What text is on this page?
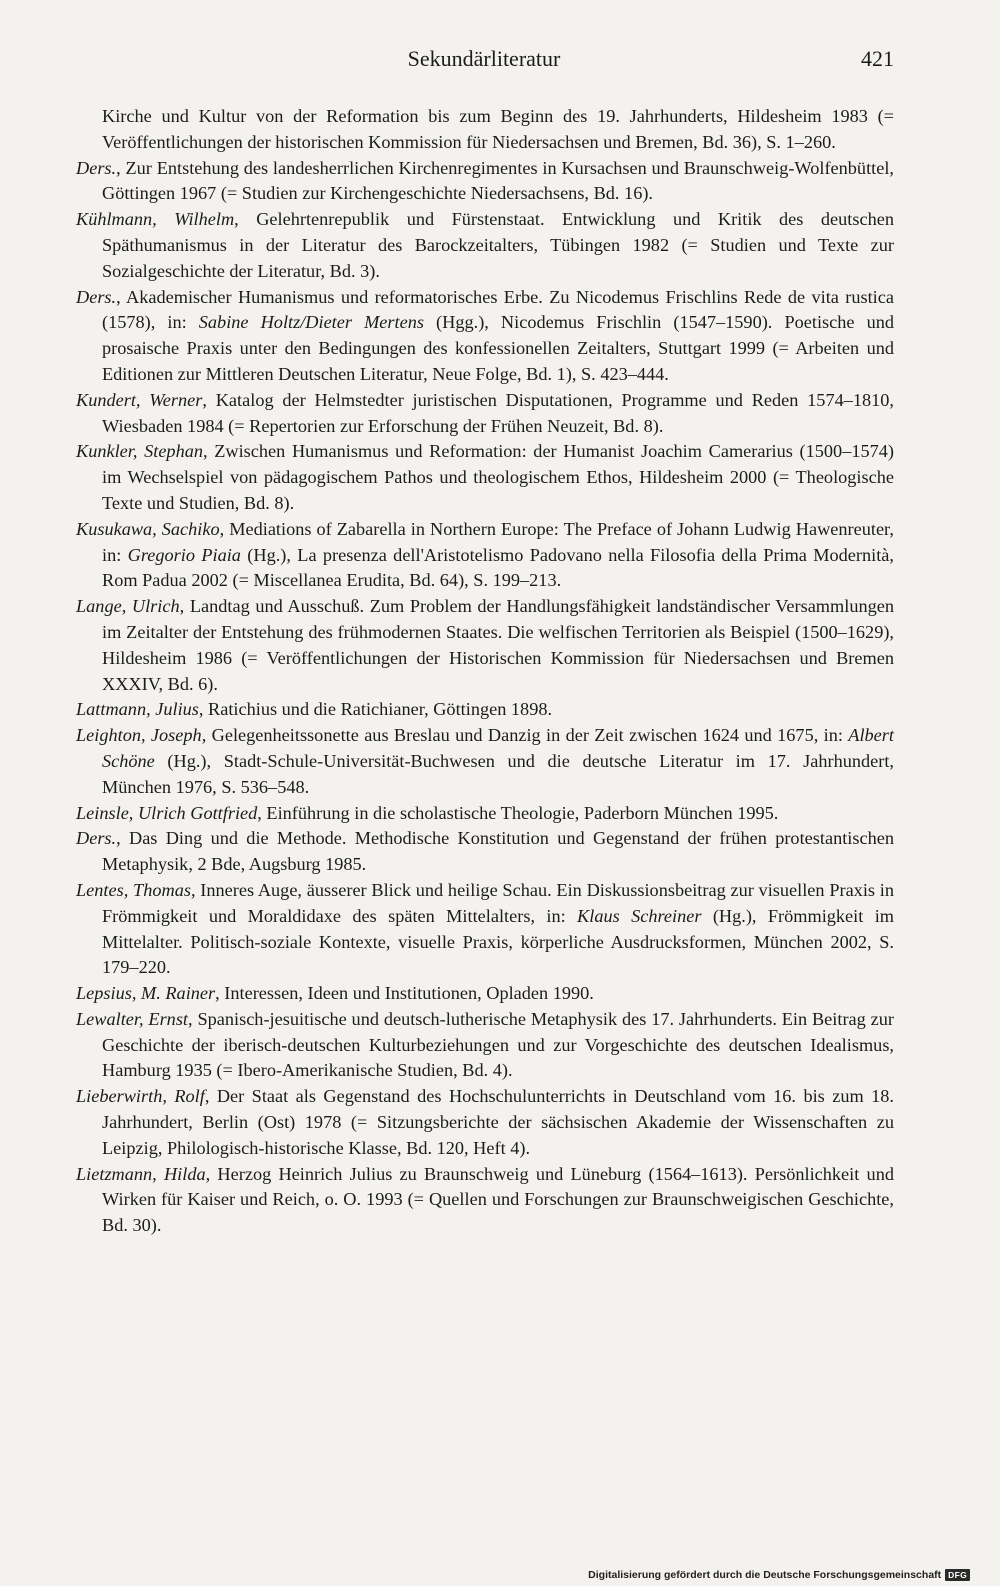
Sekundärliteratur	421

Kirche und Kultur von der Reformation bis zum Beginn des 19. Jahrhunderts, Hildesheim 1983 (= Veröffentlichungen der historischen Kommission für Niedersachsen und Bremen, Bd. 36), S. 1–260.

Ders., Zur Entstehung des landesherrlichen Kirchenregimentes in Kursachsen und Braunschweig-Wolfenbüttel, Göttingen 1967 (= Studien zur Kirchengeschichte Niedersachsens, Bd. 16).

Kühlmann, Wilhelm, Gelehrtenrepublik und Fürstenstaat. Entwicklung und Kritik des deutschen Späthumanismus in der Literatur des Barockzeitalters, Tübingen 1982 (= Studien und Texte zur Sozialgeschichte der Literatur, Bd. 3).

Ders., Akademischer Humanismus und reformatorisches Erbe. Zu Nicodemus Frischlins Rede de vita rustica (1578), in: Sabine Holtz/Dieter Mertens (Hgg.), Nicodemus Frischlin (1547–1590). Poetische und prosaische Praxis unter den Bedingungen des konfessionellen Zeitalters, Stuttgart 1999 (= Arbeiten und Editionen zur Mittleren Deutschen Literatur, Neue Folge, Bd. 1), S. 423–444.

Kundert, Werner, Katalog der Helmstedter juristischen Disputationen, Programme und Reden 1574–1810, Wiesbaden 1984 (= Repertorien zur Erforschung der Frühen Neuzeit, Bd. 8).

Kunkler, Stephan, Zwischen Humanismus und Reformation: der Humanist Joachim Camerarius (1500–1574) im Wechselspiel von pädagogischem Pathos und theologischem Ethos, Hildesheim 2000 (= Theologische Texte und Studien, Bd. 8).

Kusukawa, Sachiko, Mediations of Zabarella in Northern Europe: The Preface of Johann Ludwig Hawenreuter, in: Gregorio Piaia (Hg.), La presenza dell'Aristotelismo Padovano nella Filosofia della Prima Modernità, Rom Padua 2002 (= Miscellanea Erudita, Bd. 64), S. 199–213.

Lange, Ulrich, Landtag und Ausschuß. Zum Problem der Handlungsfähigkeit landständischer Versammlungen im Zeitalter der Entstehung des frühmodernen Staates. Die welfischen Territorien als Beispiel (1500–1629), Hildesheim 1986 (= Veröffentlichungen der Historischen Kommission für Niedersachsen und Bremen XXXIV, Bd. 6).

Lattmann, Julius, Ratichius und die Ratichianer, Göttingen 1898.

Leighton, Joseph, Gelegenheitssonette aus Breslau und Danzig in der Zeit zwischen 1624 und 1675, in: Albert Schöne (Hg.), Stadt-Schule-Universität-Buchwesen und die deutsche Literatur im 17. Jahrhundert, München 1976, S. 536–548.

Leinsle, Ulrich Gottfried, Einführung in die scholastische Theologie, Paderborn München 1995.

Ders., Das Ding und die Methode. Methodische Konstitution und Gegenstand der frühen protestantischen Metaphysik, 2 Bde, Augsburg 1985.

Lentes, Thomas, Inneres Auge, äusserer Blick und heilige Schau. Ein Diskussionsbeitrag zur visuellen Praxis in Frömmigkeit und Moraldidaxe des späten Mittelalters, in: Klaus Schreiner (Hg.), Frömmigkeit im Mittelalter. Politisch-soziale Kontexte, visuelle Praxis, körperliche Ausdrucksformen, München 2002, S. 179–220.

Lepsius, M. Rainer, Interessen, Ideen und Institutionen, Opladen 1990.

Lewalter, Ernst, Spanisch-jesuitische und deutsch-lutherische Metaphysik des 17. Jahrhunderts. Ein Beitrag zur Geschichte der iberisch-deutschen Kulturbeziehungen und zur Vorgeschichte des deutschen Idealismus, Hamburg 1935 (= Ibero-Amerikanische Studien, Bd. 4).

Lieberwirth, Rolf, Der Staat als Gegenstand des Hochschulunterrichts in Deutschland vom 16. bis zum 18. Jahrhundert, Berlin (Ost) 1978 (= Sitzungsberichte der sächsischen Akademie der Wissenschaften zu Leipzig, Philologisch-historische Klasse, Bd. 120, Heft 4).

Lietzmann, Hilda, Herzog Heinrich Julius zu Braunschweig und Lüneburg (1564–1613). Persönlichkeit und Wirken für Kaiser und Reich, o. O. 1993 (= Quellen und Forschungen zur Braunschweigischen Geschichte, Bd. 30).

Digitalisierung gefördert durch die Deutsche Forschungsgemeinschaft DFG
